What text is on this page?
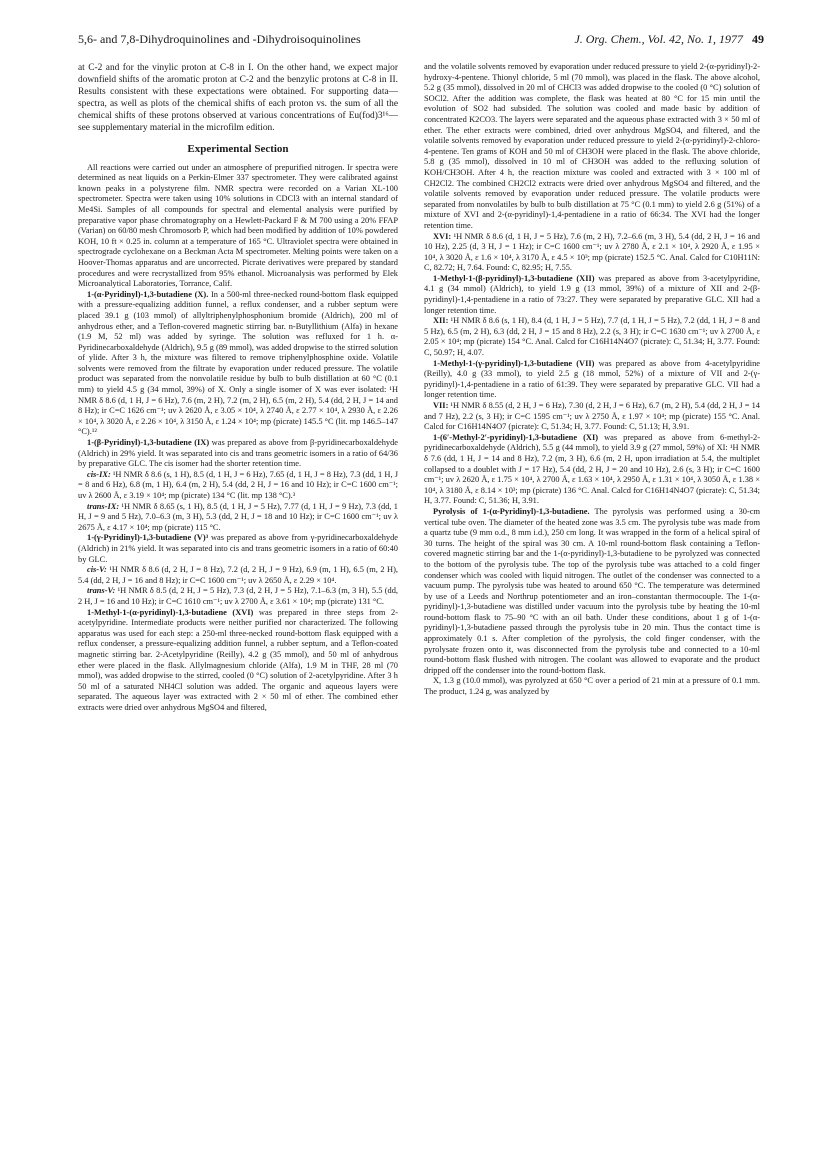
5,6- and 7,8-Dihydroquinolines and -Dihydroisoquinolines	J. Org. Chem., Vol. 42, No. 1, 1977 49

at C-2 and for the vinylic proton at C-8 in I. On the other hand, we expect major downfield shifts of the aromatic proton at C-2 and the benzylic protons at C-8 in II. Results consistent with these expectations were obtained. For supporting data—spectra, as well as plots of the chemical shifts of each proton vs. the sum of all the chemical shifts of these protons observed at various concentrations of Eu(fod)3¹⁶—see supplementary material in the microfilm edition.

Experimental Section

All reactions were carried out under an atmosphere of prepurified nitrogen. Ir spectra were determined as neat liquids on a Perkin-Elmer 337 spectrometer. They were calibrated against known peaks in a polystyrene film. NMR spectra were recorded on a Varian XL-100 spectrometer. Spectra were taken using 10% solutions in CDCl3 with an internal standard of Me4Si. Samples of all compounds for spectral and elemental analysis were purified by preparative vapor phase chromatography on a Hewlett-Packard F & M 700 using a 20% FFAP (Varian) on 60/80 mesh Chromosorb P, which had been modified by addition of 10% powdered KOH, 10 ft × 0.25 in. column at a temperature of 165 °C. Ultraviolet spectra were obtained in spectrograde cyclohexane on a Beckman Acta M spectrometer. Melting points were taken on a Hoover-Thomas apparatus and are uncorrected. Picrate derivatives were prepared by standard procedures and were recrystallized from 95% ethanol. Microanalysis was performed by Elek Microanalytical Laboratories, Torrance, Calif.

1-(α-Pyridinyl)-1,3-butadiene (X). In a 500-ml three-necked round-bottom flask equipped with a pressure-equalizing addition funnel, a reflux condenser, and a rubber septum were placed 39.1 g (103 mmol) of allyltriphenylphosphonium bromide (Aldrich), 200 ml of anhydrous ether, and a Teflon-covered magnetic stirring bar. n-Butyllithium (Alfa) in hexane (1.9 M, 52 ml) was added by syringe. The solution was refluxed for 1 h. α-Pyridinecarboxaldehyde (Aldrich), 9.5 g (89 mmol), was added dropwise to the stirred solution of ylide. After 3 h, the mixture was filtered to remove triphenylphosphine oxide. Volatile solvents were removed from the filtrate by evaporation under reduced pressure. The volatile product was separated from the nonvolatile residue by bulb to bulb distillation at 60 °C (0.1 mm) to yield 4.5 g (34 mmol, 39%) of X. Only a single isomer of X was ever isolated: ¹H NMR δ 8.6 (d, 1 H, J = 6 Hz), 7.6 (m, 2 H), 7.2 (m, 2 H), 6.5 (m, 2 H), 5.4 (dd, 2 H, J = 14 and 8 Hz); ir C=C 1626 cm⁻¹; uv λ 2620 Å, ε 3.05 × 10⁴, λ 2740 Å, ε 2.77 × 10⁴, λ 2930 Å, ε 2.26 × 10⁴, λ 3020 Å, ε 2.26 × 10⁴, λ 3150 Å, ε 1.24 × 10⁴; mp (picrate) 145.5 °C (lit. mp 146.5–147 °C).¹²

1-(β-Pyridinyl)-1,3-butadiene (IX) was prepared as above from β-pyridinecarboxaldehyde (Aldrich) in 29% yield. It was separated into cis and trans geometric isomers in a ratio of 64/36 by preparative GLC. The cis isomer had the shorter retention time.

cis-IX: ¹H NMR δ 8.6 (s, 1 H), 8.5 (d, 1 H, J = 6 Hz), 7.65 (d, 1 H, J = 8 Hz), 7.3 (dd, 1 H, J = 8 and 6 Hz), 6.8 (m, 1 H), 6.4 (m, 2 H), 5.4 (dd, 2 H, J = 16 and 10 Hz); ir C=C 1600 cm⁻¹; uv λ 2600 Å, ε 3.19 × 10⁴; mp (picrate) 134 °C (lit. mp 138 °C).³

trans-IX: ¹H NMR δ 8.65 (s, 1 H), 8.5 (d, 1 H, J = 5 Hz), 7.77 (d, 1 H, J = 9 Hz), 7.3 (dd, 1 H, J = 9 and 5 Hz), 7.0–6.3 (m, 3 H), 5.3 (dd, 2 H, J = 18 and 10 Hz); ir C=C 1600 cm⁻¹; uv λ 2675 Å, ε 4.17 × 10⁴; mp (picrate) 115 °C.

1-(γ-Pyridinyl)-1,3-butadiene (V)³ was prepared as above from γ-pyridinecarboxaldehyde (Aldrich) in 21% yield. It was separated into cis and trans geometric isomers in a ratio of 60:40 by GLC.

cis-V: ¹H NMR δ 8.6 (d, 2 H, J = 8 Hz), 7.2 (d, 2 H, J = 9 Hz), 6.9 (m, 1 H), 6.5 (m, 2 H), 5.4 (dd, 2 H, J = 16 and 8 Hz); ir C=C 1600 cm⁻¹; uv λ 2650 Å, ε 2.29 × 10⁴.

trans-V: ¹H NMR δ 8.5 (d, 2 H, J = 5 Hz), 7.3 (d, 2 H, J = 5 Hz), 7.1–6.3 (m, 3 H), 5.5 (dd, 2 H, J = 16 and 10 Hz); ir C=C 1610 cm⁻¹; uv λ 2700 Å, ε 3.61 × 10⁴; mp (picrate) 131 °C.

1-Methyl-1-(α-pyridinyl)-1,3-butadiene (XVI) was prepared in three steps from 2-acetylpyridine. Intermediate products were neither purified nor characterized. The following apparatus was used for each step: a 250-ml three-necked round-bottom flask equipped with a reflux condenser, a pressure-equalizing addition funnel, a rubber septum, and a Teflon-coated magnetic stirring bar. 2-Acetylpyridine (Reilly), 4.2 g (35 mmol), and 50 ml of anhydrous ether were placed in the flask. Allylmagnesium chloride (Alfa), 1.9 M in THF, 28 ml (70 mmol), was added dropwise to the stirred, cooled (0 °C) solution of 2-acetylpyridine. After 3 h 50 ml of a saturated NH4Cl solution was added. The organic and aqueous layers were separated. The aqueous layer was extracted with 2 × 50 ml of ether. The combined ether extracts were dried over anhydrous MgSO4 and filtered,

and the volatile solvents removed by evaporation under reduced pressure to yield 2-(α-pyridinyl)-2-hydroxy-4-pentene. Thionyl chloride, 5 ml (70 mmol), was placed in the flask. The above alcohol, 5.2 g (35 mmol), dissolved in 20 ml of CHCl3 was added dropwise to the cooled (0 °C) solution of SOCl2. After the addition was complete, the flask was heated at 80 °C for 15 min until the evolution of SO2 had subsided. The solution was cooled and made basic by addition of concentrated K2CO3. The layers were separated and the aqueous phase extracted with 3 × 50 ml of ether. The ether extracts were combined, dried over anhydrous MgSO4, and filtered, and the volatile solvents removed by evaporation under reduced pressure to yield 2-(α-pyridinyl)-2-chloro-4-pentene. Ten grams of KOH and 50 ml of CH3OH were placed in the flask. The above chloride, 5.8 g (35 mmol), dissolved in 10 ml of CH3OH was added to the refluxing solution of KOH/CH3OH. After 4 h, the reaction mixture was cooled and extracted with 3 × 100 ml of CH2Cl2. The combined CH2Cl2 extracts were dried over anhydrous MgSO4 and filtered, and the volatile solvents removed by evaporation under reduced pressure. The volatile products were separated from nonvolatiles by bulb to bulb distillation at 75 °C (0.1 mm) to yield 2.6 g (51%) of a mixture of XVI and 2-(α-pyridinyl)-1,4-pentadiene in a ratio of 66:34. The XVI had the longer retention time.

XVI: ¹H NMR δ 8.6 (d, 1 H, J = 5 Hz), 7.6 (m, 2 H), 7.2–6.6 (m, 3 H), 5.4 (dd, 2 H, J = 16 and 10 Hz), 2.25 (d, 3 H, J = 1 Hz); ir C=C 1600 cm⁻¹; uv λ 2780 Å, ε 2.1 × 10⁴, λ 2920 Å, ε 1.95 × 10⁴, λ 3020 Å, ε 1.6 × 10⁴, λ 3170 Å, ε 4.5 × 10³; mp (picrate) 152.5 °C. Anal. Calcd for C10H11N: C, 82.72; H, 7.64. Found: C, 82.95; H, 7.55.

1-Methyl-1-(β-pyridinyl)-1,3-butadiene (XII) was prepared as above from 3-acetylpyridine, 4.1 g (34 mmol) (Aldrich), to yield 1.9 g (13 mmol, 39%) of a mixture of XII and 2-(β-pyridinyl)-1,4-pentadiene in a ratio of 73:27. They were separated by preparative GLC. XII had a longer retention time.

XII: ¹H NMR δ 8.6 (s, 1 H), 8.4 (d, 1 H, J = 5 Hz), 7.7 (d, 1 H, J = 5 Hz), 7.2 (dd, 1 H, J = 8 and 5 Hz), 6.5 (m, 2 H), 6.3 (dd, 2 H, J = 15 and 8 Hz), 2.2 (s, 3 H); ir C=C 1630 cm⁻¹; uv λ 2700 Å, ε 2.05 × 10⁴; mp (picrate) 154 °C. Anal. Calcd for C16H14N4O7 (picrate): C, 51.34; H, 3.77. Found: C, 50.97; H, 4.07.

1-Methyl-1-(γ-pyridinyl)-1,3-butadiene (VII) was prepared as above from 4-acetylpyridine (Reilly), 4.0 g (33 mmol), to yield 2.5 g (18 mmol, 52%) of a mixture of VII and 2-(γ-pyridinyl)-1,4-pentadiene in a ratio of 61:39. They were separated by preparative GLC. VII had a longer retention time.

VII: ¹H NMR δ 8.55 (d, 2 H, J = 6 Hz), 7.30 (d, 2 H, J = 6 Hz), 6.7 (m, 2 H), 5.4 (dd, 2 H, J = 14 and 7 Hz), 2.2 (s, 3 H); ir C=C 1595 cm⁻¹; uv λ 2750 Å, ε 1.97 × 10⁴; mp (picrate) 155 °C. Anal. Calcd for C16H14N4O7 (picrate): C, 51.34; H, 3.77. Found: C, 51.13; H, 3.91.

1-(6′-Methyl-2′-pyridinyl)-1,3-butadiene (XI) was prepared as above from 6-methyl-2-pyridinecarboxaldehyde (Aldrich), 5.5 g (44 mmol), to yield 3.9 g (27 mmol, 59%) of XI: ¹H NMR δ 7.6 (dd, 1 H, J = 14 and 8 Hz), 7.2 (m, 3 H), 6.6 (m, 2 H, upon irradiation at 5.4, the multiplet collapsed to a doublet with J = 17 Hz), 5.4 (dd, 2 H, J = 20 and 10 Hz), 2.6 (s, 3 H); ir C=C 1600 cm⁻¹; uv λ 2620 Å, ε 1.75 × 10⁴, λ 2700 Å, ε 1.63 × 10⁴, λ 2950 Å, ε 1.31 × 10⁴, λ 3050 Å, ε 1.38 × 10⁴, λ 3180 Å, ε 8.14 × 10³; mp (picrate) 136 °C. Anal. Calcd for C16H14N4O7 (picrate): C, 51.34; H, 3.77. Found: C, 51.36; H, 3.91.

Pyrolysis of 1-(α-Pyridinyl)-1,3-butadiene. The pyrolysis was performed using a 30-cm vertical tube oven. The diameter of the heated zone was 3.5 cm. The pyrolysis tube was made from a quartz tube (9 mm o.d., 8 mm i.d.), 250 cm long. It was wrapped in the form of a helical spiral of 30 turns. The height of the spiral was 30 cm. A 10-ml round-bottom flask containing a Teflon-covered magnetic stirring bar and the 1-(α-pyridinyl)-1,3-butadiene to be pyrolyzed was connected to the bottom of the pyrolysis tube. The top of the pyrolysis tube was attached to a cold finger condenser which was cooled with liquid nitrogen. The outlet of the condenser was connected to a vacuum pump. The pyrolysis tube was heated to around 650 °C. The temperature was determined by use of a Leeds and Northrup potentiometer and an iron–constantan thermocouple. The 1-(α-pyridinyl)-1,3-butadiene was distilled under vacuum into the pyrolysis tube by heating the 10-ml round-bottom flask to 75–90 °C with an oil bath. Under these conditions, about 1 g of 1-(α-pyridinyl)-1,3-butadiene passed through the pyrolysis tube in 20 min. Thus the contact time is approximately 0.1 s. After completion of the pyrolysis, the cold finger condenser, with the pyrolysate frozen onto it, was disconnected from the pyrolysis tube and connected to a 10-ml round-bottom flask flushed with nitrogen. The coolant was allowed to evaporate and the product dripped off the condenser into the round-bottom flask.

X, 1.3 g (10.0 mmol), was pyrolyzed at 650 °C over a period of 21 min at a pressure of 0.1 mm. The product, 1.24 g, was analyzed by
